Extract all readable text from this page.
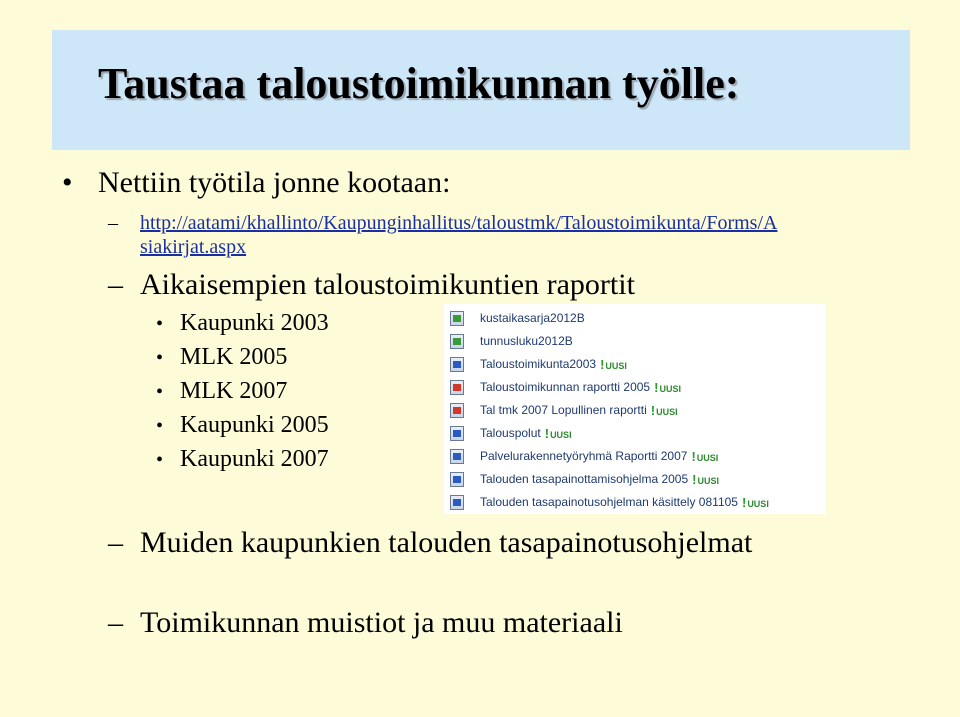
Taustaa taloustoimikunnan työlle:
• Nettiin työtila jonne kootaan:
–	http://aatami/khallinto/Kaupunginhallitus/taloustmk/Taloustoimikunta/Forms/A
siakirjat.aspx
– Aikaisempien taloustoimikuntien raportit
• Kaupunki 2003
• MLK 2005
• MLK 2007
• Kaupunki 2005
• Kaupunki 2007
kustaikasarja2012B
tunnusluku2012B
Taloustoimikunta2003 !UUSI
Taloustoimikunnan raportti 2005 !UUSI
Tal tmk 2007 Lopullinen raportti !UUSI
Talouspolut !UUSI
Palvelurakennetyöryhmä Raportti 2007 !UUSI
Talouden tasapainottamisohjelma 2005 !UUSI
Talouden tasapainotusohjelman käsittely 081105 !UUSI
– Muiden kaupunkien talouden tasapainotusohjelmat
– Toimikunnan muistiot ja muu materiaali
